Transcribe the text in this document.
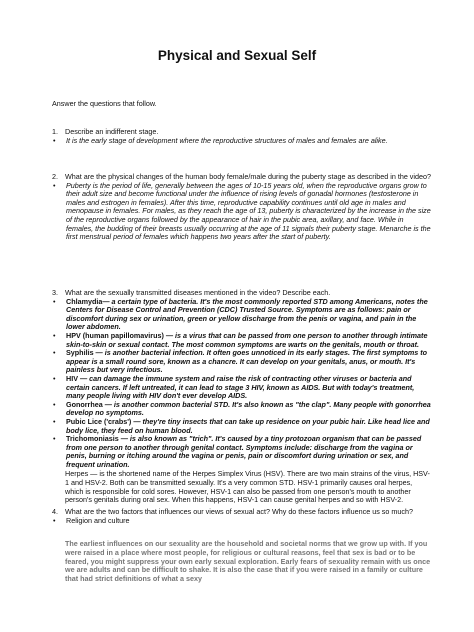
Physical and Sexual Self
Answer the questions that follow.
1. Describe an indifferent stage.
•	It is the early stage of development where the reproductive structures of males and females are alike.
2. What are the physical changes of the human body female/male during the puberty stage as described in the video?
•	Puberty is the period of life, generally between the ages of 10-15 years old, when the reproductive organs grow to their adult size and become functional under the influence of rising levels of gonadal hormones (testosterone in males and estrogen in females). After this time, reproductive capability continues until old age in males and menopause in females. For males, as they reach the age of 13, puberty is characterized by the increase in the size of the reproductive organs followed by the appearance of hair in the pubic area, axillary, and face. While in females, the budding of their breasts usually occurring at the age of 11 signals their puberty stage. Menarche is the first menstrual period of females which happens two years after the start of puberty.
3. What are the sexually transmitted diseases mentioned in the video? Describe each.
•	Chlamydia— a certain type of bacteria. It's the most commonly reported STD among Americans, notes the Centers for Disease Control and Prevention (CDC) Trusted Source. Symptoms are as follows: pain or discomfort during sex or urination, green or yellow discharge from the penis or vagina, and pain in the lower abdomen.
•	HPV (human papillomavirus) — is a virus that can be passed from one person to another through intimate skin-to-skin or sexual contact. The most common symptoms are warts on the genitals, mouth or throat.
•	Syphilis — is another bacterial infection. It often goes unnoticed in its early stages. The first symptoms to appear is a small round sore, known as a chancre. It can develop on your genitals, anus, or mouth. It's painless but very infectious.
•	HIV — can damage the immune system and raise the risk of contracting other viruses or bacteria and certain cancers. If left untreated, it can lead to stage 3 HIV, known as AIDS. But with today's treatment, many people living with HIV don't ever develop AIDS.
•	Gonorrhea — is another common bacterial STD. It's also known as "the clap". Many people with gonorrhea develop no symptoms.
•	Pubic Lice ('crabs') — they're tiny insects that can take up residence on your pubic hair. Like head lice and body lice, they feed on human blood.
•	Trichomoniasis — is also known as "trich". It's caused by a tiny protozoan organism that can be passed from one person to another through genital contact. Symptoms include: discharge from the vagina or penis, burning or itching around the vagina or penis, pain or discomfort during urination or sex, and frequent urination.
Herpes — is the shortened name of the Herpes Simplex Virus (HSV). There are two main strains of the virus, HSV-1 and HSV-2. Both can be transmitted sexually. It's a very common STD. HSV-1 primarily causes oral herpes, which is responsible for cold sores. However, HSV-1 can also be passed from one person's mouth to another person's genitals during oral sex. When this happens, HSV-1 can cause genital herpes and so with HSV-2.
4. What are the two factors that influences our views of sexual act? Why do these factors influence us so much?
•	Religion and culture
The earliest influences on our sexuality are the household and societal norms that we grow up with. If you were raised in a place where most people, for religious or cultural reasons, feel that sex is bad or to be feared, you might suppress your own early sexual exploration. Early fears of sexuality remain with us once we are adults and can be difficult to shake. It is also the case that if you were raised in a family or culture that had strict definitions of what a sexy
